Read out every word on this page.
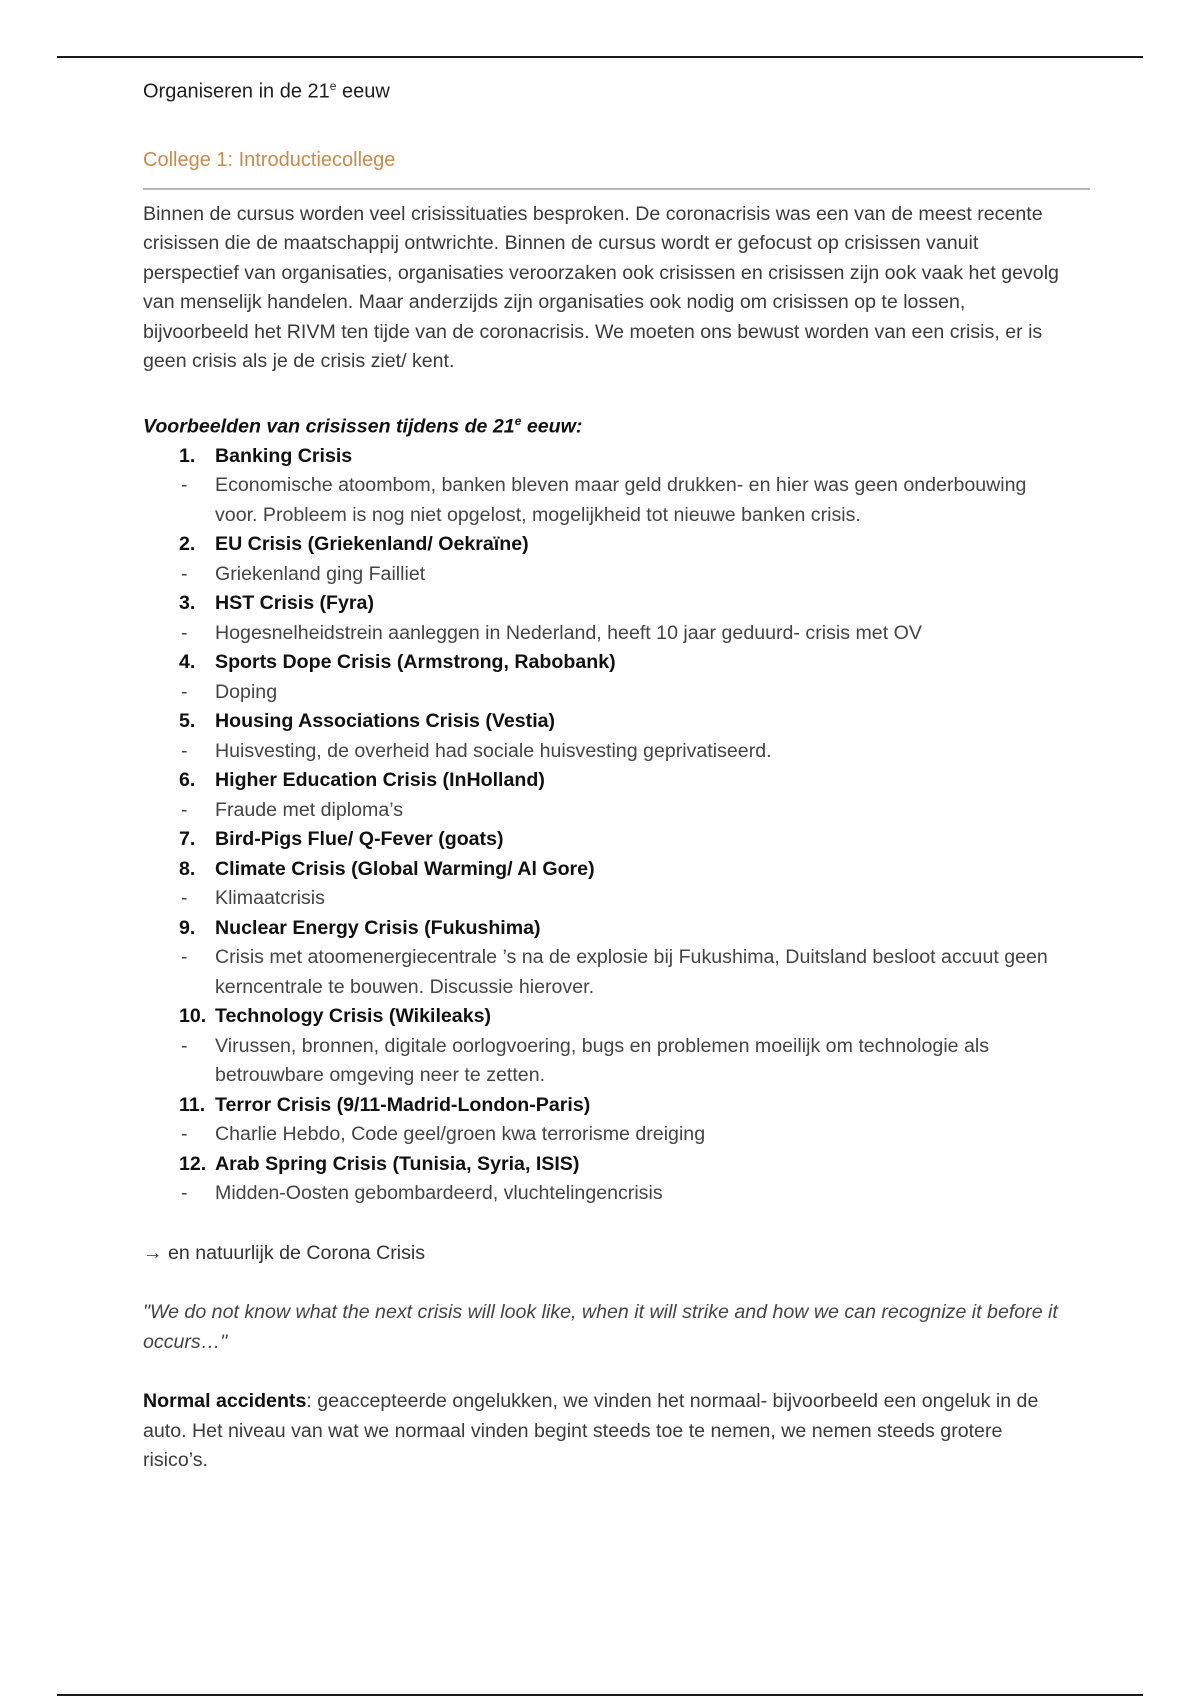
Organiseren in de 21e eeuw

College 1: Introductiecollege

Binnen de cursus worden veel crisissituaties besproken. De coronacrisis was een van de meest recente crisissen die de maatschappij ontwrichte. Binnen de cursus wordt er gefocust op crisissen vanuit perspectief van organisaties, organisaties veroorzaken ook crisissen en crisissen zijn ook vaak het gevolg van menselijk handelen. Maar anderzijds zijn organisaties ook nodig om crisissen op te lossen, bijvoorbeeld het RIVM ten tijde van de coronacrisis. We moeten ons bewust worden van een crisis, er is geen crisis als je de crisis ziet/ kent.

Voorbeelden van crisissen tijdens de 21e eeuw:

1.	Banking Crisis
- Economische atoombom, banken bleven maar geld drukken- en hier was geen onderbouwing voor. Probleem is nog niet opgelost, mogelijkheid tot nieuwe banken crisis.
2.	EU Crisis (Griekenland/ Oekraïne)
- Griekenland ging Failliet
3.	HST Crisis (Fyra)
- Hogesnelheidstrein aanleggen in Nederland, heeft 10 jaar geduurd- crisis met OV
4.	Sports Dope Crisis (Armstrong, Rabobank)
- Doping
5.	Housing Associations Crisis (Vestia)
- Huisvesting, de overheid had sociale huisvesting geprivatiseerd.
6.	Higher Education Crisis (InHolland)
- Fraude met diploma’s
7.	Bird-Pigs Flue/ Q-Fever (goats)
8.	Climate Crisis (Global Warming/ Al Gore)
- Klimaatcrisis
9.	Nuclear Energy Crisis (Fukushima)
- Crisis met atoomenergiecentrale ’s na de explosie bij Fukushima, Duitsland besloot accuut geen kerncentrale te bouwen. Discussie hierover.
10. Technology Crisis (Wikileaks)
- Virussen, bronnen, digitale oorlogvoering, bugs en problemen moeilijk om technologie als betrouwbare omgeving neer te zetten.
11. Terror Crisis (9/11-Madrid-London-Paris)
- Charlie Hebdo, Code geel/groen kwa terrorisme dreiging
12. Arab Spring Crisis (Tunisia, Syria, ISIS)
- Midden-Oosten gebombardeerd, vluchtelingencrisis

→ en natuurlijk de Corona Crisis

"We do not know what the next crisis will look like, when it will strike and how we can recognize it before it occurs…"

Normal accidents: geaccepteerde ongelukken, we vinden het normaal- bijvoorbeeld een ongeluk in de auto. Het niveau van wat we normaal vinden begint steeds toe te nemen, we nemen steeds grotere risico’s.
